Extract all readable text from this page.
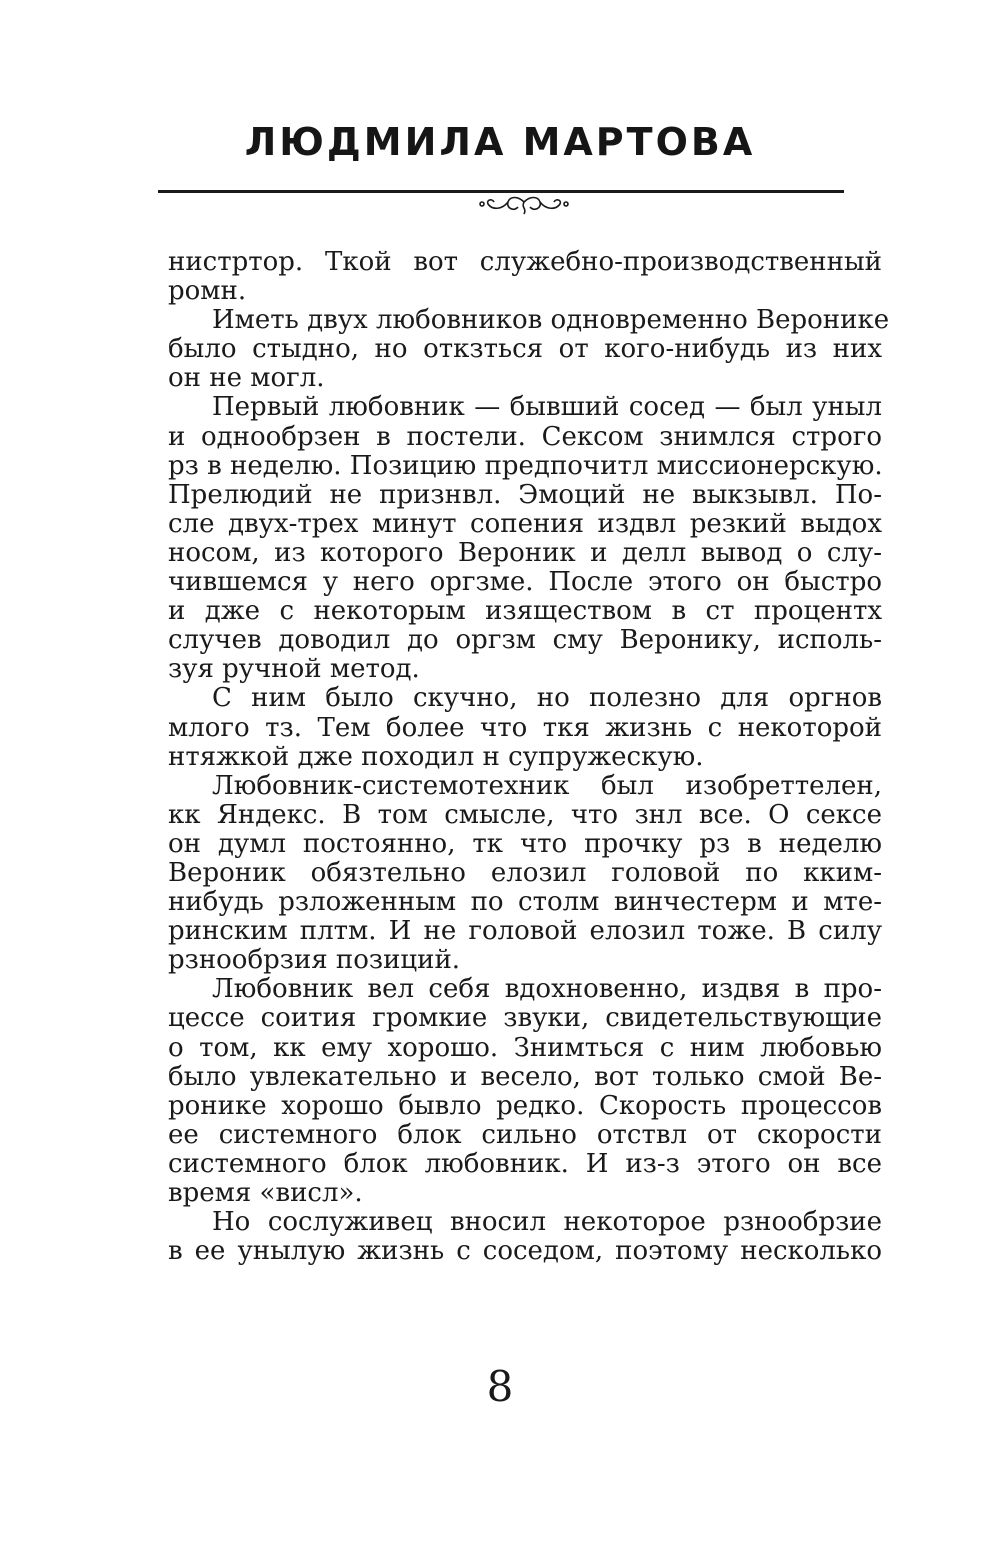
ЛЮДМИЛА МАРТОВА
нистртор. Ткой вот служебно-производственный
ромн.
Иметь двух любовников одновременно Веронике
было стыдно, но откзться от кого-нибудь из них
он не могл.
Первый любовник — бывший сосед — был уныл
и однообрзен в постели. Сексом знимлся строго
рз в неделю. Позицию предпочитл миссионерскую.
Прелюдий не признвл. Эмоций не выкзывл. По-
сле двух-трех минут сопения издвл резкий выдох
носом, из которого Вероник и делл вывод о слу-
чившемся у него оргзме. После этого он быстро
и дже с некоторым изяществом в ст процентх
случев доводил до оргзм сму Веронику, исполь-
зуя ручной метод.
С ним было скучно, но полезно для оргнов
млого тз. Тем более что ткя жизнь с некоторой
нтяжкой дже походил н супружескую.
Любовник-системотехник был изобреттелен,
кк Яндекс. В том смысле, что знл все. О сексе
он думл постоянно, тк что прочку рз в неделю
Вероник обязтельно елозил головой по кким-
нибудь рзложенным по столм винчестерм и мте-
ринским плтм. И не головой елозил тоже. В силу
рзнообрзия позиций.
Любовник вел себя вдохновенно, издвя в про-
цессе соития громкие звуки, свидетельствующие
о том, кк ему хорошо. Знимться с ним любовью
было увлекательно и весело, вот только смой Ве-
ронике хорошо бывло редко. Скорость процессов
ее системного блок сильно отствл от скорости
системного блок любовник. И из-з этого он все
время «висл».
Но сослуживец вносил некоторое рзнообрзие
в ее унылую жизнь с соседом, поэтому несколько
8
